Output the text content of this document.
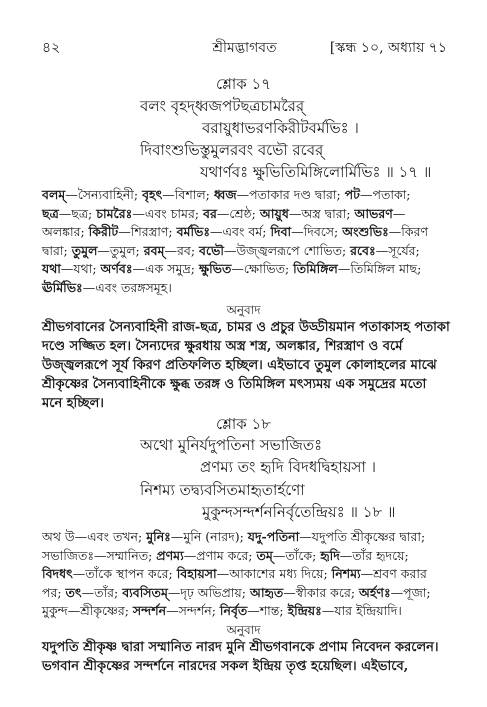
৪২	শ্রীমদ্ভাগবত	[স্কন্ধ ১০, অধ্যায় ৭১
শ্লোক ১৭
বলং বৃহদ্ধ্বজপটছত্রচামরৈর্
বরায়ুধাভরণকিরীটবর্মভিঃ ।
দিবাংশুভিস্তুমুলরবং বভৌ রবের্
যথার্ণবঃ ক্ষুভিতিমিঙ্গিলোর্মিভিঃ ॥ ১৭ ॥
বলম্—সৈন্যবাহিনী; বৃহৎ—বিশাল; ধ্বজ—পতাকার দণ্ড দ্বারা; পট—পতাকা;
ছত্র—ছত্র; চামরৈঃ—এবং চামর; বর—শ্রেষ্ঠ; আয়ুধ—অস্ত্র দ্বারা; আভরণ—
অলঙ্কার; কিরীট—শিরস্ত্রাণ; বর্মভিঃ—এবং বর্ম; দিবা—দিবসে; অংশুভিঃ—কিরণ
দ্বারা; তুমুল—তুমুল; রবম্—রব; বভৌ—উজ্জ্বলরূপে শোভিত; রবেঃ—সূর্যের;
যথা—যথা; অর্ণবঃ—এক সমুদ্র; ক্ষুভিত—ক্ষোভিত; তিমিঙ্গিল—তিমিঙ্গিল মাছ;
ঊর্মিভিঃ—এবং তরঙ্গসমূহ।
অনুবাদ
শ্রীভগবানের সৈন্যবাহিনী রাজ-ছত্র, চামর ও প্রচুর উড্ডীয়মান পতাকাসহ পতাকা
দণ্ডে সজ্জিত হল। সৈন্যদের ক্ষুরধায় অস্ত্র শস্ত্র, অলঙ্কার, শিরস্ত্রাণ ও বর্মে
উজ্জ্বলরূপে সূর্য কিরণ প্রতিফলিত হচ্ছিল। এইভাবে তুমুল কোলাহলের মাঝে
শ্রীকৃষ্ণের সৈন্যবাহিনীকে ক্ষুব্ধ তরঙ্গ ও তিমিঙ্গিল মৎস্যময় এক সমুদ্রের মতো
মনে হচ্ছিল।
শ্লোক ১৮
অথো মুনির্যদুপতিনা সভাজিতঃ
প্রণম্য তং হৃদি বিদধদ্বিহায়সা ।
নিশম্য তদ্ব্যবসিতমাহৃতার্হণো
মুকুন্দসন্দর্শননির্বৃতেন্দ্রিয়ঃ ॥ ১৮ ॥
অথ উ—এবং তখন; মুনিঃ—মুনি (নারদ); যদু-পতিনা—যদুপতি শ্রীকৃষ্ণের দ্বারা;
সভাজিতঃ—সম্মানিত; প্রণম্য—প্রণাম করে; তম্—তাঁকে; হৃদি—তাঁর হৃদয়ে;
বিদধৎ—তাঁকে স্থাপন করে; বিহায়সা—আকাশের মধ্য দিয়ে; নিশম্য—শ্রবণ করার
পর; তৎ—তাঁর; ব্যবসিতম্—দৃঢ় অভিপ্রায়; আহৃত—স্বীকার করে; অর্হণঃ—পূজা;
মুকুন্দ—শ্রীকৃষ্ণের; সন্দর্শন—সন্দর্শন; নির্বৃত—শান্ত; ইন্দ্রিয়ঃ—যার ইন্দ্রিয়াদি।
অনুবাদ
যদুপতি শ্রীকৃষ্ণ দ্বারা সম্মানিত নারদ মুনি শ্রীভগবানকে প্রণাম নিবেদন করলেন।
ভগবান শ্রীকৃষ্ণের সন্দর্শনে নারদের সকল ইন্দ্রিয় তৃপ্ত হয়েছিল। এইভাবে,
